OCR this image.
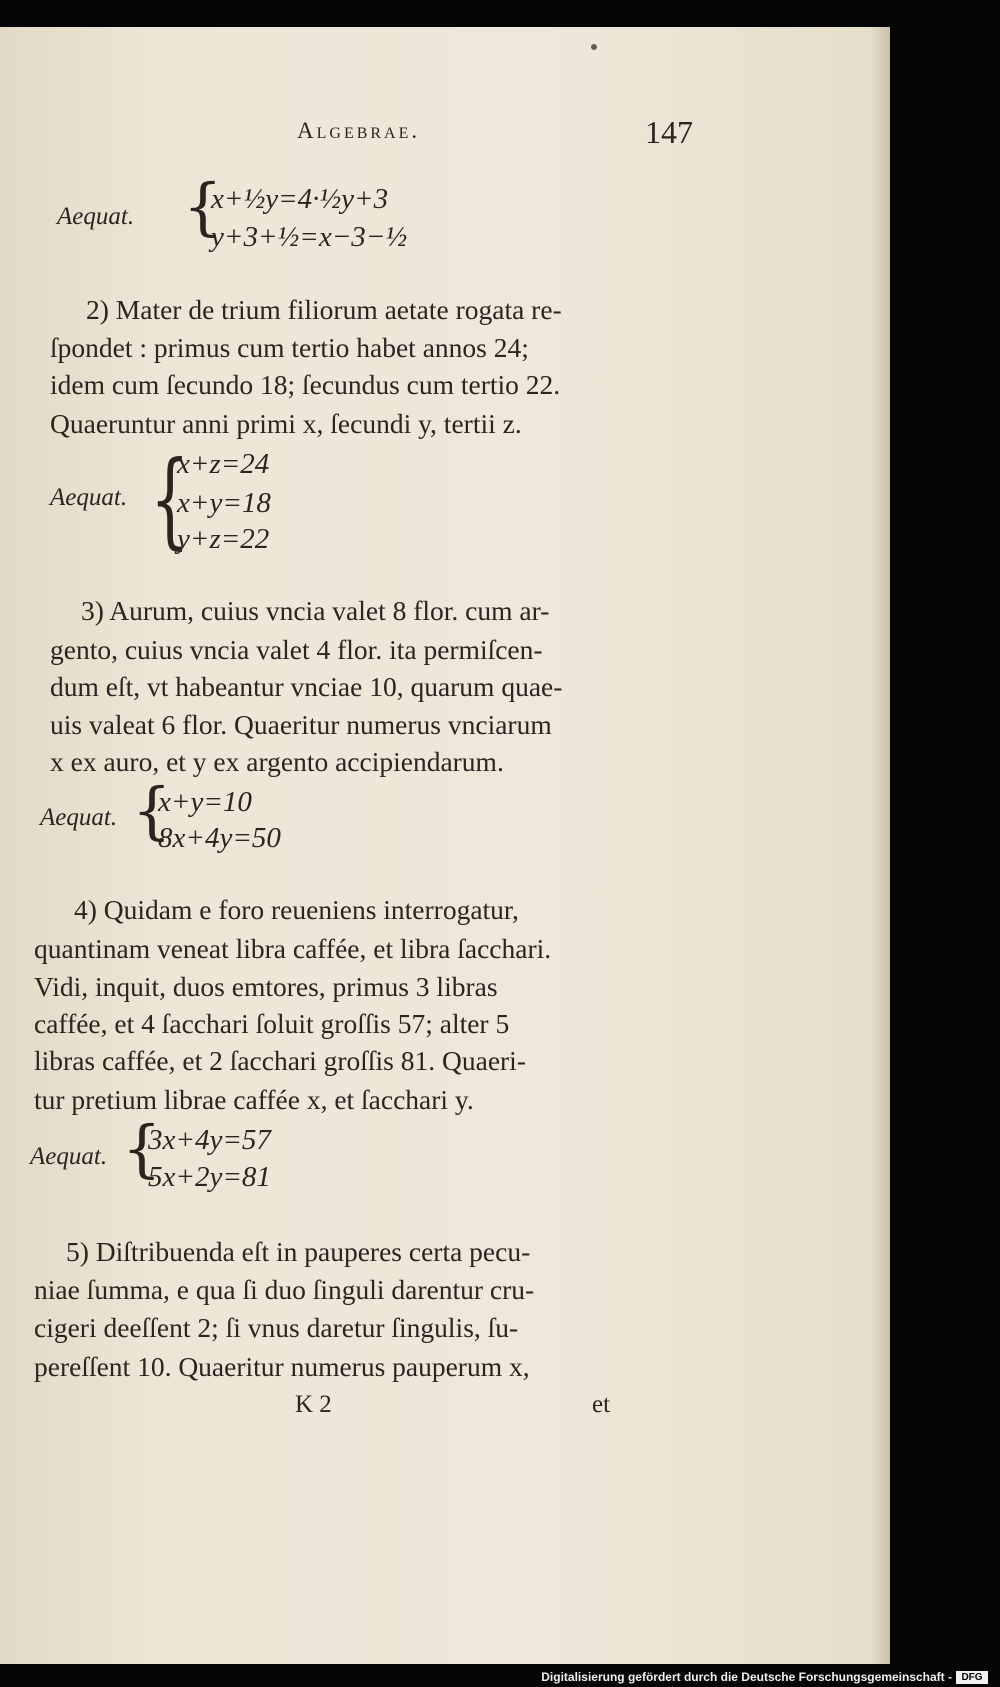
Algebrae.	147
Aequat. {
x+½y=4·½y+3
y+3+½=x−3−½
2) Mater de trium filiorum aetate rogata re-
ſpondet : primus cum tertio habet annos 24;
idem cum ſecundo 18; ſecundus cum tertio 22.
Quaeruntur anni primi x, ſecundi y, tertii z.
Aequat. {
x+z=24
x+y=18
y+z=22
3) Aurum, cuius vncia valet 8 flor. cum ar-
gento, cuius vncia valet 4 flor. ita permiſcen-
dum eſt, vt habeantur vnciae 10, quarum quae-
uis valeat 6 flor. Quaeritur numerus vnciarum
x ex auro, et y ex argento accipiendarum.
Aequat. {
x+y=10
8x+4y=50
4) Quidam e foro reueniens interrogatur,
quantinam veneat libra caffée, et libra ſacchari.
Vidi, inquit, duos emtores, primus 3 libras
caffée, et 4 ſacchari ſoluit groſſis 57; alter 5
libras caffée, et 2 ſacchari groſſis 81. Quaeri-
tur pretium librae caffée x, et ſacchari y.
Aequat. {
3x+4y=57
5x+2y=81
5) Diſtribuenda eſt in pauperes certa pecu-
niae ſumma, e qua ſi duo ſinguli darentur cru-
cigeri deeſſent 2; ſi vnus daretur ſingulis, ſu-
pereſſent 10. Quaeritur numerus pauperum x,
K 2	et
Digitalisierung gefördert durch die Deutsche Forschungsgemeinschaft - DFG
